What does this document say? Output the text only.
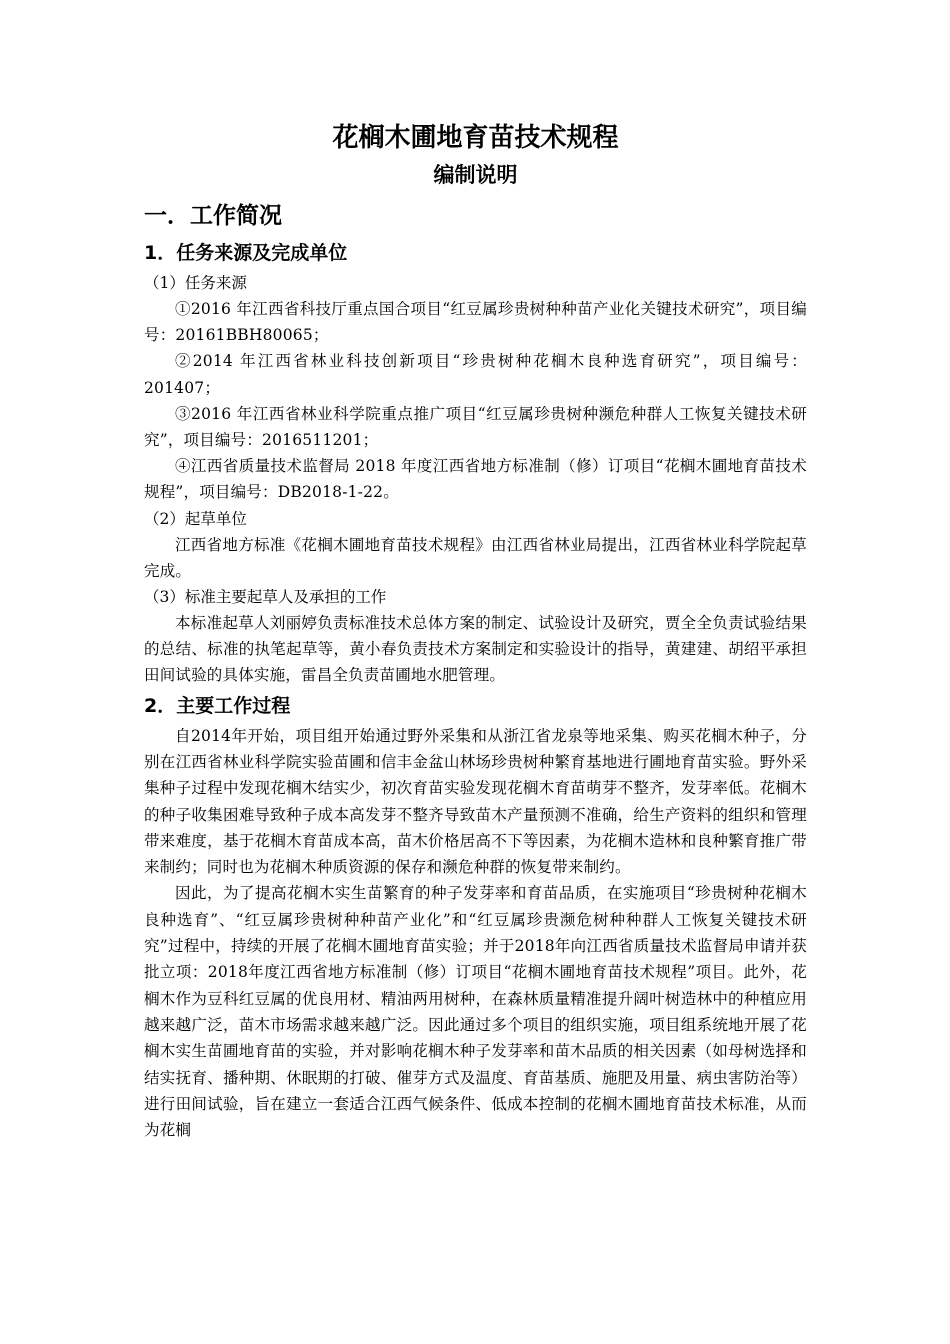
花榈木圃地育苗技术规程
编制说明
一．工作简况
1．任务来源及完成单位
（1）任务来源

①2016 年江西省科技厅重点国合项目“红豆属珍贵树种种苗产业化关键技术研究”，项目编号：20161BBH80065；

②2014 年江西省林业科技创新项目“珍贵树种花榈木良种选育研究”，项目编号：201407；

③2016 年江西省林业科学院重点推广项目“红豆属珍贵树种濒危种群人工恢复关键技术研究”，项目编号：2016511201；

④江西省质量技术监督局 2018 年度江西省地方标准制（修）订项目“花榈木圃地育苗技术规程”，项目编号：DB2018-1-22。

（2）起草单位

江西省地方标准《花榈木圃地育苗技术规程》由江西省林业局提出，江西省林业科学院起草完成。

（3）标准主要起草人及承担的工作

本标准起草人刘丽婷负责标准技术总体方案的制定、试验设计及研究，贾全全负责试验结果的总结、标准的执笔起草等，黄小春负责技术方案制定和实验设计的指导，黄建建、胡绍平承担田间试验的具体实施，雷昌全负责苗圃地水肥管理。

2．主要工作过程

自2014年开始，项目组开始通过野外采集和从浙江省龙泉等地采集、购买花榈木种子，分别在江西省林业科学院实验苗圃和信丰金盆山林场珍贵树种繁育基地进行圃地育苗实验。野外采集种子过程中发现花榈木结实少，初次育苗实验发现花榈木育苗萌芽不整齐，发芽率低。花榈木的种子收集困难导致种子成本高发芽不整齐导致苗木产量预测不准确，给生产资料的组织和管理带来难度，基于花榈木育苗成本高，苗木价格居高不下等因素，为花榈木造林和良种繁育推广带来制约；同时也为花榈木种质资源的保存和濒危种群的恢复带来制约。

因此，为了提高花榈木实生苗繁育的种子发芽率和育苗品质，在实施项目“珍贵树种花榈木良种选育”、“红豆属珍贵树种种苗产业化”和“红豆属珍贵濒危树种种群人工恢复关键技术研究”过程中，持续的开展了花榈木圃地育苗实验；并于2018年向江西省质量技术监督局申请并获批立项：2018年度江西省地方标准制（修）订项目“花榈木圃地育苗技术规程”项目。此外，花榈木作为豆科红豆属的优良用材、精油两用树种，在森林质量精准提升阔叶树造林中的种植应用越来越广泛，苗木市场需求越来越广泛。因此通过多个项目的组织实施，项目组系统地开展了花榈木实生苗圃地育苗的实验，并对影响花榈木种子发芽率和苗木品质的相关因素（如母树选择和结实抚育、播种期、休眠期的打破、催芽方式及温度、育苗基质、施肥及用量、病虫害防治等）进行田间试验，旨在建立一套适合江西气候条件、低成本控制的花榈木圃地育苗技术标准，从而为花榈
